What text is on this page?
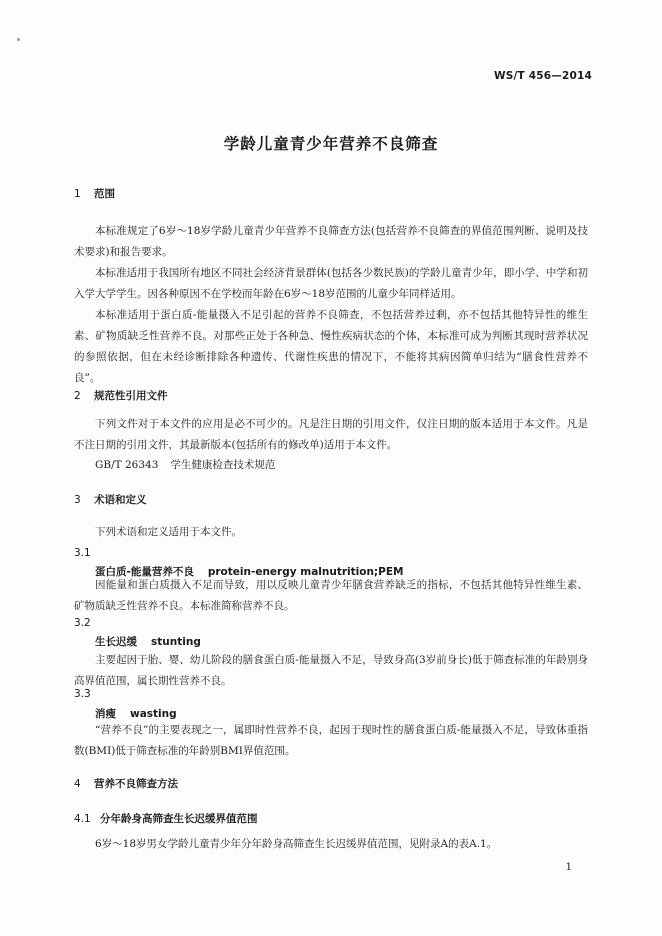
WS/T 456—2014
学龄儿童青少年营养不良筛查
1 范围
本标准规定了6岁～18岁学龄儿童青少年营养不良筛查方法(包括营养不良筛查的界值范围判断、说明及技术要求)和报告要求。
本标准适用于我国所有地区不同社会经济背景群体(包括各少数民族)的学龄儿童青少年，即小学、中学和初入学大学学生。因各种原因不在学校而年龄在6岁～18岁范围的儿童少年同样适用。
本标准适用于蛋白质-能量摄入不足引起的营养不良筛查，不包括营养过剩，亦不包括其他特异性的维生素、矿物质缺乏性营养不良。对那些正处于各种急、慢性疾病状态的个体，本标准可成为判断其现时营养状况的参照依据，但在未经诊断排除各种遗传、代谢性疾患的情况下，不能将其病因简单归结为“膳食性营养不良”。
2 规范性引用文件
下列文件对于本文件的应用是必不可少的。凡是注日期的引用文件，仅注日期的版本适用于本文件。凡是不注日期的引用文件，其最新版本(包括所有的修改单)适用于本文件。
GB/T 26343 学生健康检查技术规范
3 术语和定义
下列术语和定义适用于本文件。
3.1
蛋白质-能量营养不良 protein-energy malnutrition;PEM
因能量和蛋白质摄入不足而导致，用以反映儿童青少年膳食营养缺乏的指标，不包括其他特异性维生素、矿物质缺乏性营养不良。本标准简称营养不良。
3.2
生长迟缓 stunting
主要起因于胎、婴、幼儿阶段的膳食蛋白质-能量摄入不足，导致身高(3岁前身长)低于筛查标准的年龄别身高界值范围，属长期性营养不良。
3.3
消瘦 wasting
“营养不良”的主要表现之一，属即时性营养不良，起因于现时性的膳食蛋白质-能量摄入不足，导致体重指数(BMI)低于筛查标准的年龄别BMI界值范围。
4 营养不良筛查方法
4.1 分年龄身高筛查生长迟缓界值范围
6岁～18岁男女学龄儿童青少年分年龄身高筛查生长迟缓界值范围，见附录A的表A.1。
1
